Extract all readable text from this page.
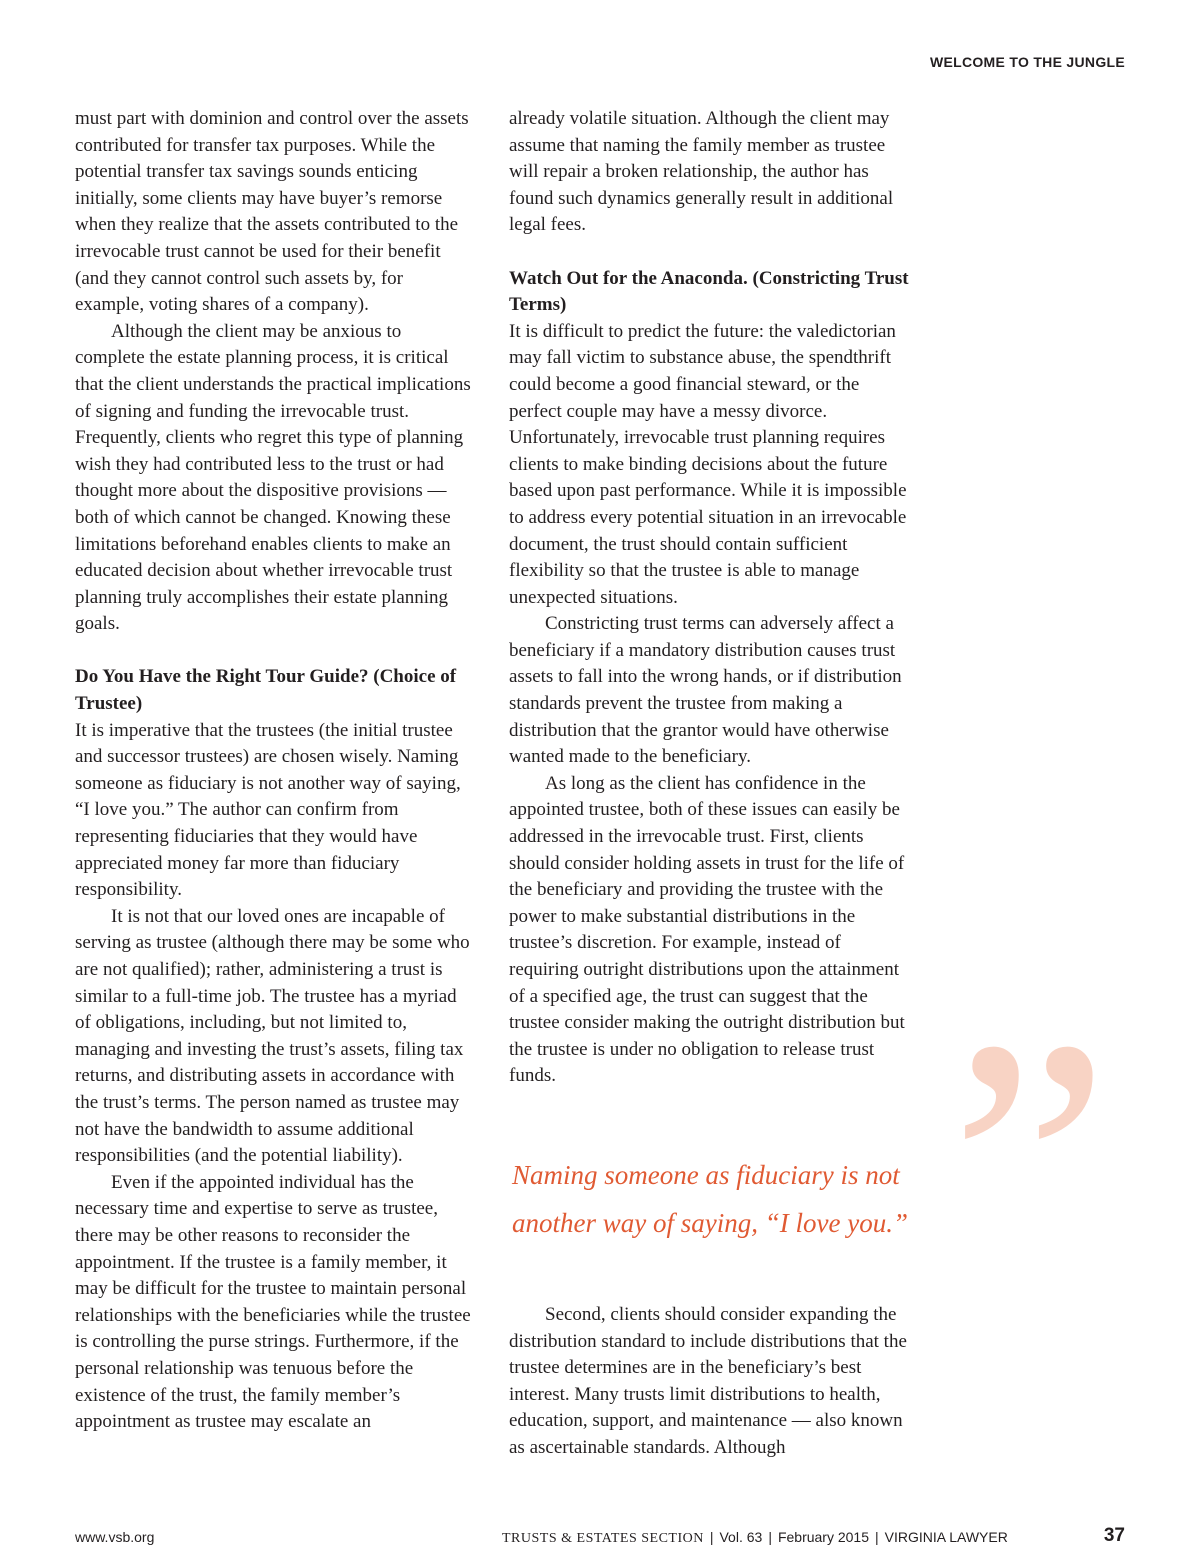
WELCOME TO THE JUNGLE

must part with dominion and control over the assets contributed for transfer tax purposes. While the potential transfer tax savings sounds enticing initially, some clients may have buyer’s remorse when they realize that the assets contributed to the irrevocable trust cannot be used for their benefit (and they cannot control such assets by, for example, voting shares of a company).

Although the client may be anxious to complete the estate planning process, it is critical that the client understands the practical implications of signing and funding the irrevocable trust. Frequently, clients who regret this type of planning wish they had contributed less to the trust or had thought more about the dispositive provisions — both of which cannot be changed. Knowing these limitations beforehand enables clients to make an educated decision about whether irrevocable trust planning truly accomplishes their estate planning goals.

Do You Have the Right Tour Guide? (Choice of Trustee)

It is imperative that the trustees (the initial trustee and successor trustees) are chosen wisely. Naming someone as fiduciary is not another way of saying, “I love you.” The author can confirm from representing fiduciaries that they would have appreciated money far more than fiduciary responsibility.

It is not that our loved ones are incapable of serving as trustee (although there may be some who are not qualified); rather, administering a trust is similar to a full-time job. The trustee has a myriad of obligations, including, but not limited to, managing and investing the trust’s assets, filing tax returns, and distributing assets in accordance with the trust’s terms. The person named as trustee may not have the bandwidth to assume additional responsibilities (and the potential liability).

Even if the appointed individual has the necessary time and expertise to serve as trustee, there may be other reasons to reconsider the appointment. If the trustee is a family member, it may be difficult for the trustee to maintain personal relationships with the beneficiaries while the trustee is controlling the purse strings. Furthermore, if the personal relationship was tenuous before the existence of the trust, the family member’s appointment as trustee may escalate an

already volatile situation. Although the client may assume that naming the family member as trustee will repair a broken relationship, the author has found such dynamics generally result in additional legal fees.

Watch Out for the Anaconda. (Constricting Trust Terms)

It is difficult to predict the future: the valedictorian may fall victim to substance abuse, the spendthrift could become a good financial steward, or the perfect couple may have a messy divorce. Unfortunately, irrevocable trust planning requires clients to make binding decisions about the future based upon past performance. While it is impossible to address every potential situation in an irrevocable document, the trust should contain sufficient flexibility so that the trustee is able to manage unexpected situations.

Constricting trust terms can adversely affect a beneficiary if a mandatory distribution causes trust assets to fall into the wrong hands, or if distribution standards prevent the trustee from making a distribution that the grantor would have otherwise wanted made to the beneficiary.

As long as the client has confidence in the appointed trustee, both of these issues can easily be addressed in the irrevocable trust. First, clients should consider holding assets in trust for the life of the beneficiary and providing the trustee with the power to make substantial distributions in the trustee’s discretion. For example, instead of requiring outright distributions upon the attainment of a specified age, the trust can suggest that the trustee consider making the outright distribution but the trustee is under no obligation to release trust funds.	”
Naming someone as fiduciary is not another way of saying, “I love you.”

Second, clients should consider expanding the distribution standard to include distributions that the trustee determines are in the beneficiary’s best interest. Many trusts limit distributions to health, education, support, and maintenance — also known as ascertainable standards. Although

www.vsb.org	TRUSTS & ESTATES SECTION | Vol. 63 | February 2015 | VIRGINIA LAWYER	37
